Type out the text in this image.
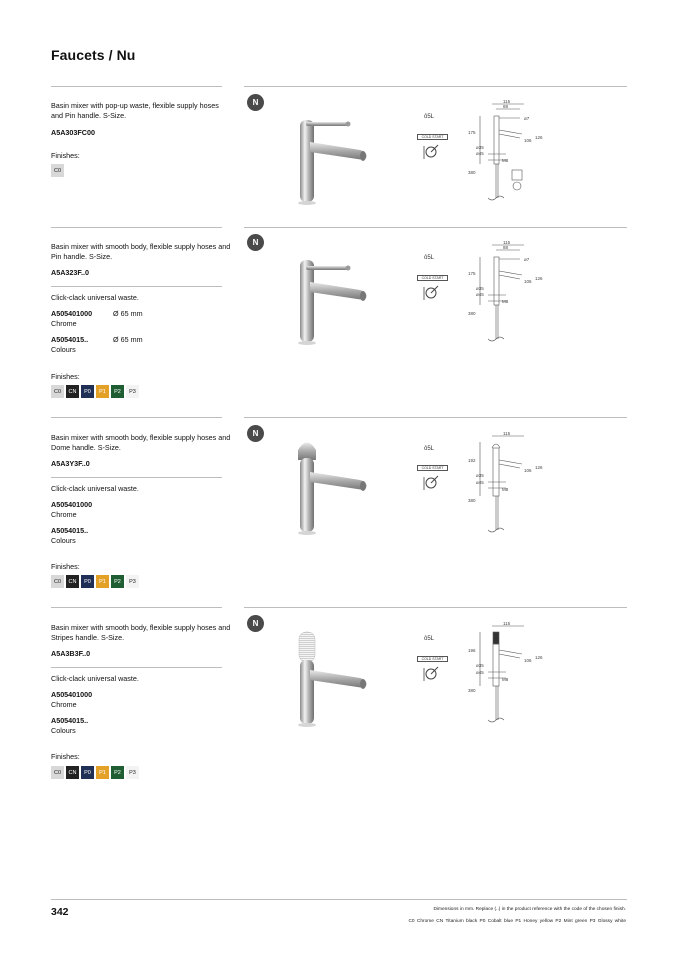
Faucets / Nu
Basin mixer with pop-up waste, flexible supply hoses and Pin handle. S-Size.
A5A303FC00
Finishes:
C0
Basin mixer with smooth body, flexible supply hoses and Pin handle. S-Size.
A5A323F..0
Click-clack universal waste.
A505401000	Ø 65 mm
Chrome
A5054015..	Ø 65 mm
Colours
Finishes:
C0	CN	P0	P1	P2	P3
Basin mixer with smooth body, flexible supply hoses and Dome handle. S-Size.
A5A3Y3F..0
Click-clack universal waste.
A505401000
Chrome
A5054015..
Colours
Finishes:
C0	CN	P0	P1	P2	P3
Basin mixer with smooth body, flexible supply hoses and Stripes handle. S-Size.
A5A3B3F..0
Click-clack universal waste.
A505401000
Chrome
A5054015..
Colours
Finishes:
C0	CN	P0	P1	P2	P3
N
N
N
N
ô5L
COLD START
ô5L
COLD START
ô5L
COLD START
ô5L
COLD START
115
88
ø7
175
126
106
ø35
ø45
M8
380
115
88
ø7
175
126
106
ø35
ø45
M8
380
115
192
126
106
ø35
ø45
M8
380
115
196
126
106
ø35
ø45
M8
380
342	Dimensions in mm. Replace (..) in the product reference with the code of the chosen finish.
C0 Chrome CN Titanium black P0 Cobalt blue P1 Honey yellow P2 Mint green P3 Glossy white
